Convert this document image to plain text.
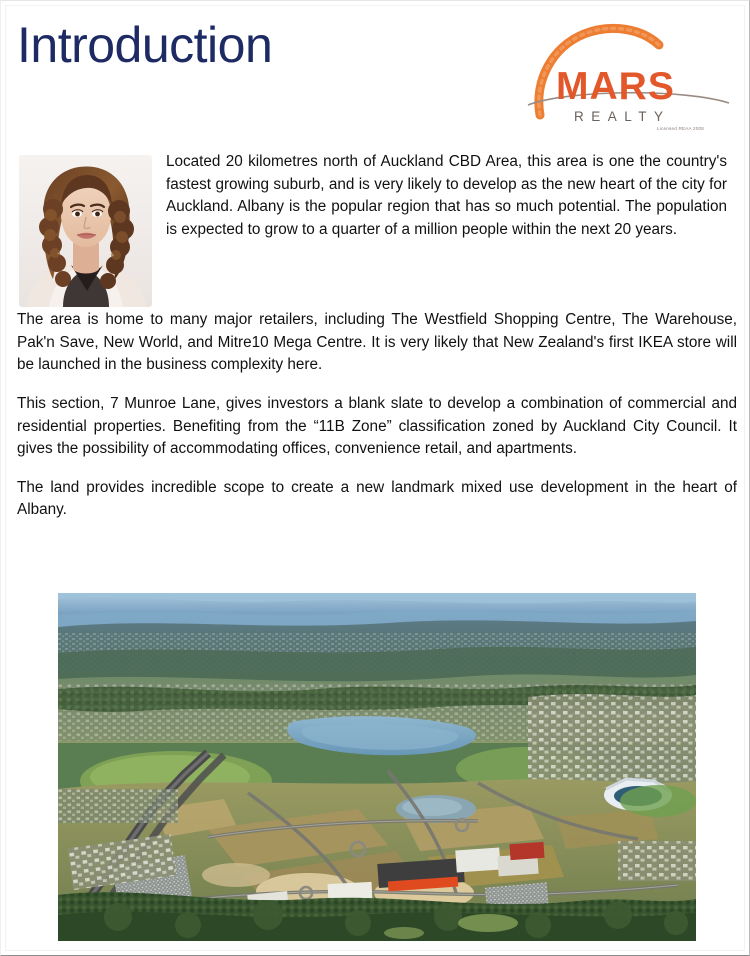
Introduction
MARS
REALTY
Licensed REAA 2008

Located 20 kilometres north of Auckland CBD Area, this area is one the country's fastest growing suburb, and is very likely to develop as the new heart of the city for Auckland. Albany is the popular region that has so much potential. The population is expected to grow to a quarter of a million people within the next 20 years.

The area is home to many major retailers, including The Westfield Shopping Centre, The Warehouse, Pak'n Save, New World, and Mitre10 Mega Centre. It is very likely that New Zealand's first IKEA store will be launched in the business complexity here.

This section, 7 Munroe Lane, gives investors a blank slate to develop a combination of commercial and residential properties. Benefiting from the “11B Zone” classification zoned by Auckland City Council. It gives the possibility of accommodating offices, convenience retail, and apartments.

The land provides incredible scope to create a new landmark mixed use development in the heart of Albany.
